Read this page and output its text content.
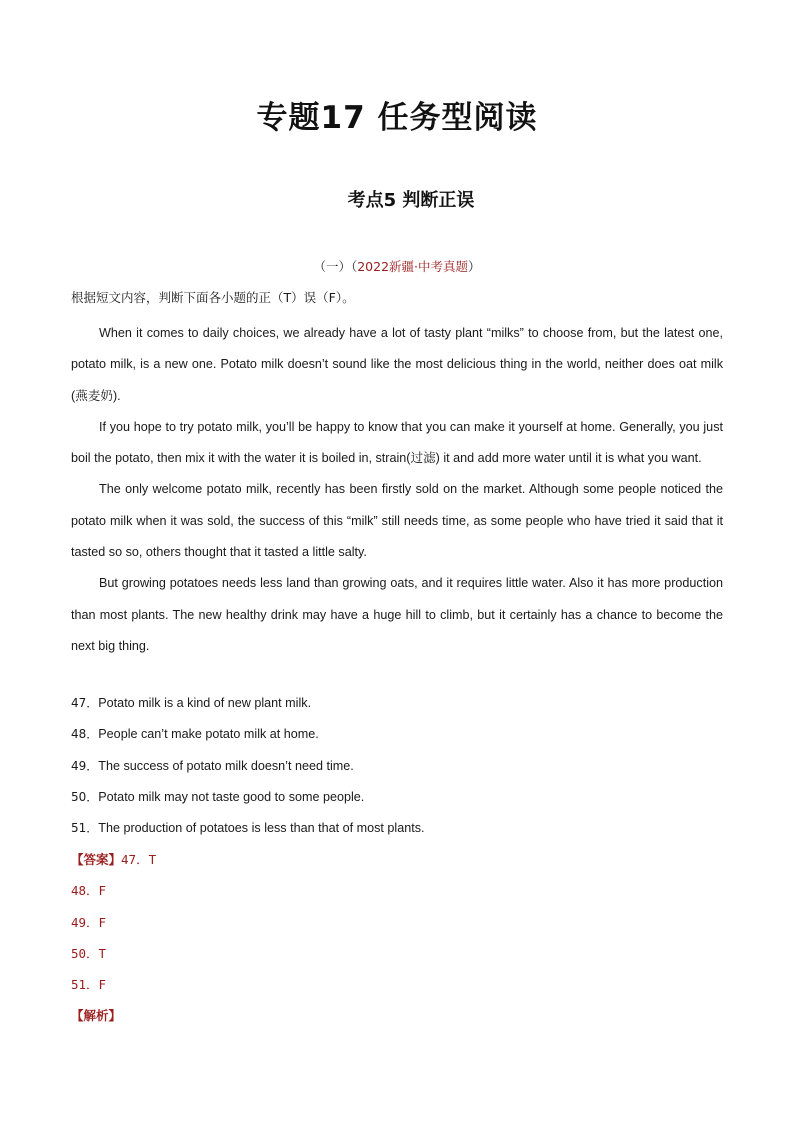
专题17 任务型阅读
考点5 判断正误
（一）（2022新疆·中考真题）
根据短文内容，判断下面各小题的正（T）误（F）。

When it comes to daily choices, we already have a lot of tasty plant “milks” to choose from, but the latest one, potato milk, is a new one. Potato milk doesn’t sound like the most delicious thing in the world, neither does oat milk (燕麦奶).

If you hope to try potato milk, you’ll be happy to know that you can make it yourself at home. Generally, you just boil the potato, then mix it with the water it is boiled in, strain(过滤) it and add more water until it is what you want.

The only welcome potato milk, recently has been firstly sold on the market. Although some people noticed the potato milk when it was sold, the success of this “milk” still needs time, as some people who have tried it said that it tasted so so, others thought that it tasted a little salty.

But growing potatoes needs less land than growing oats, and it requires little water. Also it has more production than most plants. The new healthy drink may have a huge hill to climb, but it certainly has a chance to become the next big thing.

47．Potato milk is a kind of new plant milk.
48．People can’t make potato milk at home.
49．The success of potato milk doesn’t need time.
50．Potato milk may not taste good to some people.
51．The production of potatoes is less than that of most plants.
【答案】47．T
48．F
49．F
50．T
51．F
【解析】
